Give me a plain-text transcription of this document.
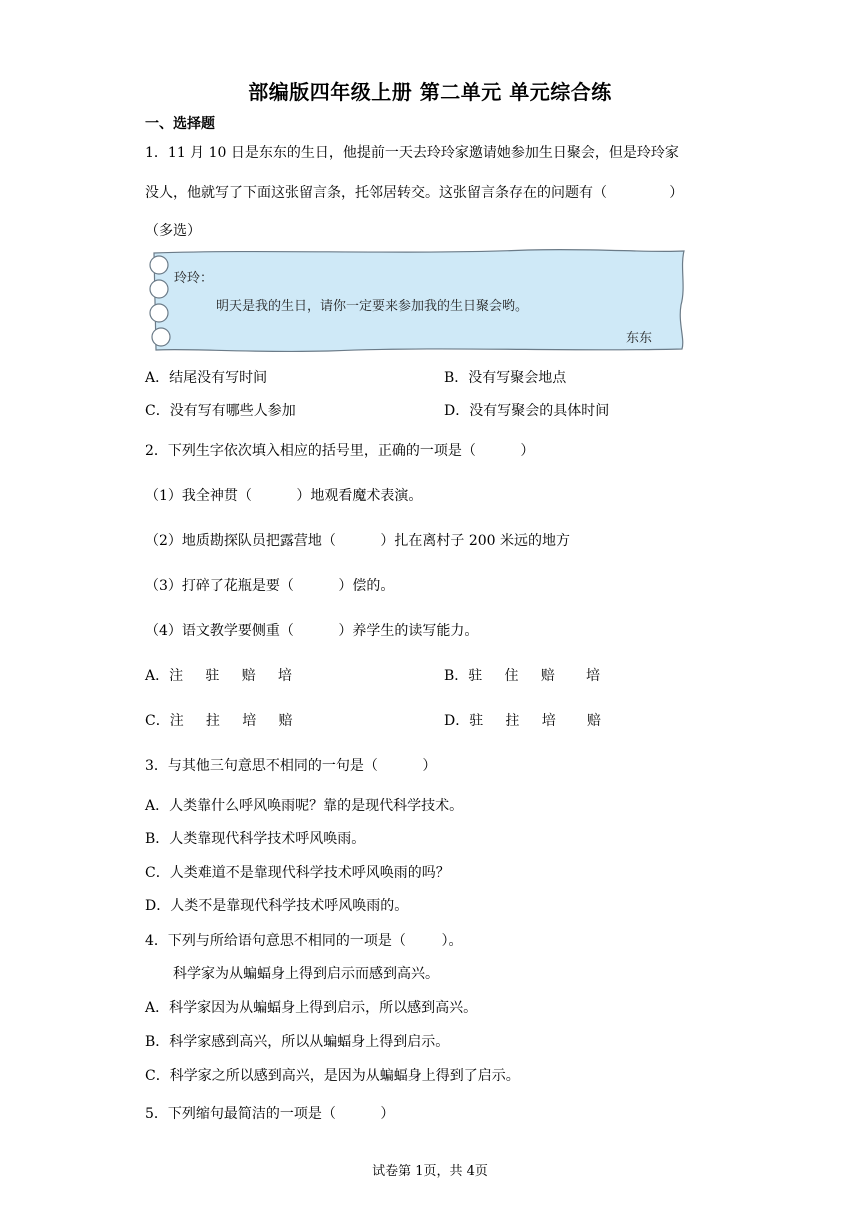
部编版四年级上册 第二单元 单元综合练
一、选择题
1．11 月 10 日是东东的生日，他提前一天去玲玲家邀请她参加生日聚会，但是玲玲家
没人，他就写了下面这张留言条，托邻居转交。这张留言条存在的问题有（              ）
（多选）
玲玲：
明天是我的生日，请你一定要来参加我的生日聚会哟。
东东
A．结尾没有写时间	B．没有写聚会地点
C．没有写有哪些人参加	D．没有写聚会的具体时间
2．下列生字依次填入相应的括号里，正确的一项是（          ）
（1）我全神贯（          ）地观看魔术表演。
（2）地质勘探队员把露营地（          ）扎在离村子 200 米远的地方
（3）打碎了花瓶是要（          ）偿的。
（4）语文教学要侧重（          ）养学生的读写能力。
A．注     驻     赔     培	B．驻     住     赔       培
C．注     拄     培     赔	D．驻     拄     培       赔
3．与其他三句意思不相同的一句是（          ）
A．人类靠什么呼风唤雨呢？靠的是现代科学技术。
B．人类靠现代科学技术呼风唤雨。
C．人类难道不是靠现代科学技术呼风唤雨的吗？
D．人类不是靠现代科学技术呼风唤雨的。
4．下列与所给语句意思不相同的一项是（        ）。
科学家为从蝙蝠身上得到启示而感到高兴。
A．科学家因为从蝙蝠身上得到启示，所以感到高兴。
B．科学家感到高兴，所以从蝙蝠身上得到启示。
C．科学家之所以感到高兴，是因为从蝙蝠身上得到了启示。
5．下列缩句最简洁的一项是（          ）
试卷第 1页，共 4页
